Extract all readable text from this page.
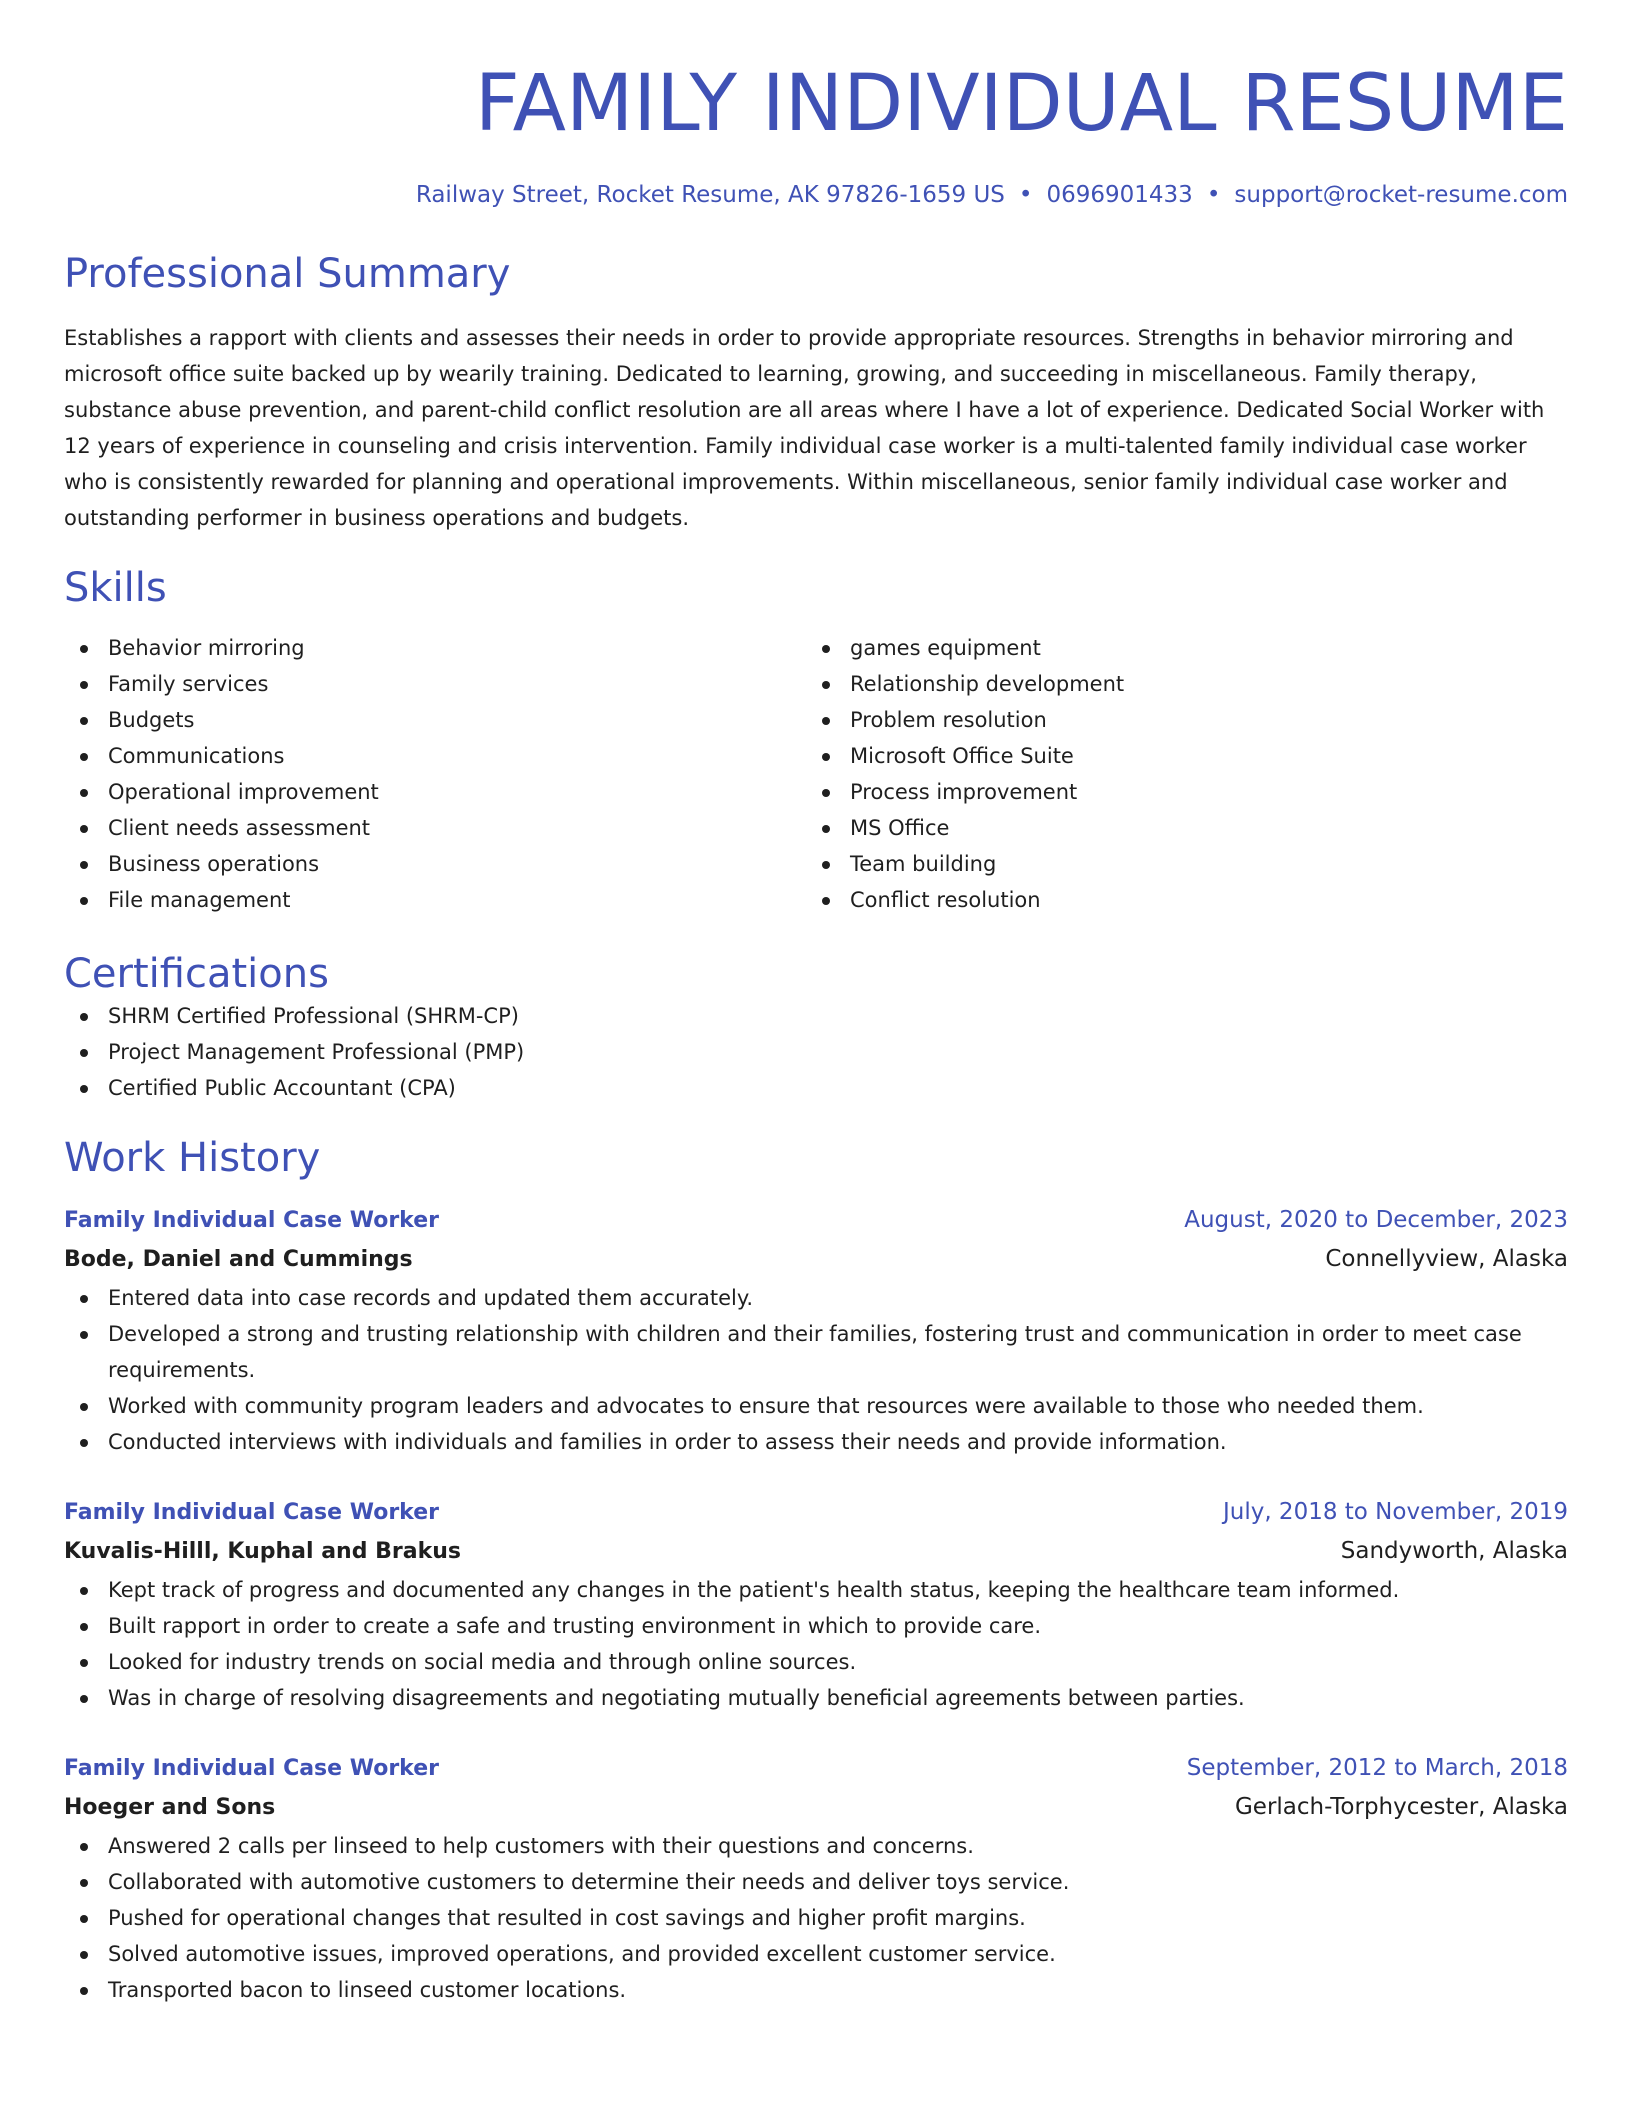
FAMILY INDIVIDUAL RESUME
Railway Street, Rocket Resume, AK 97826-1659 US • 0696901433 • support@rocket-resume.com
Professional Summary

Establishes a rapport with clients and assesses their needs in order to provide appropriate resources. Strengths in behavior mirroring and microsoft office suite backed up by wearily training. Dedicated to learning, growing, and succeeding in miscellaneous. Family therapy, substance abuse prevention, and parent-child conflict resolution are all areas where I have a lot of experience. Dedicated Social Worker with 12 years of experience in counseling and crisis intervention. Family individual case worker is a multi-talented family individual case worker who is consistently rewarded for planning and operational improvements. Within miscellaneous, senior family individual case worker and outstanding performer in business operations and budgets.

Skills
Behavior mirroring
Family services
Budgets
Communications
Operational improvement
Client needs assessment
Business operations
File management
games equipment
Relationship development
Problem resolution
Microsoft Office Suite
Process improvement
MS Office
Team building
Conflict resolution
Certifications
SHRM Certified Professional (SHRM-CP)
Project Management Professional (PMP)
Certified Public Accountant (CPA)
Work History
Family Individual Case Worker	August, 2020 to December, 2023
Bode, Daniel and Cummings	Connellyview, Alaska
Entered data into case records and updated them accurately.
Developed a strong and trusting relationship with children and their families, fostering trust and communication in order to meet case requirements.
Worked with community program leaders and advocates to ensure that resources were available to those who needed them.
Conducted interviews with individuals and families in order to assess their needs and provide information.
Family Individual Case Worker	July, 2018 to November, 2019
Kuvalis-Hilll, Kuphal and Brakus	Sandyworth, Alaska
Kept track of progress and documented any changes in the patient's health status, keeping the healthcare team informed.
Built rapport in order to create a safe and trusting environment in which to provide care.
Looked for industry trends on social media and through online sources.
Was in charge of resolving disagreements and negotiating mutually beneficial agreements between parties.
Family Individual Case Worker	September, 2012 to March, 2018
Hoeger and Sons	Gerlach-Torphycester, Alaska
Answered 2 calls per linseed to help customers with their questions and concerns.
Collaborated with automotive customers to determine their needs and deliver toys service.
Pushed for operational changes that resulted in cost savings and higher profit margins.
Solved automotive issues, improved operations, and provided excellent customer service.
Transported bacon to linseed customer locations.
